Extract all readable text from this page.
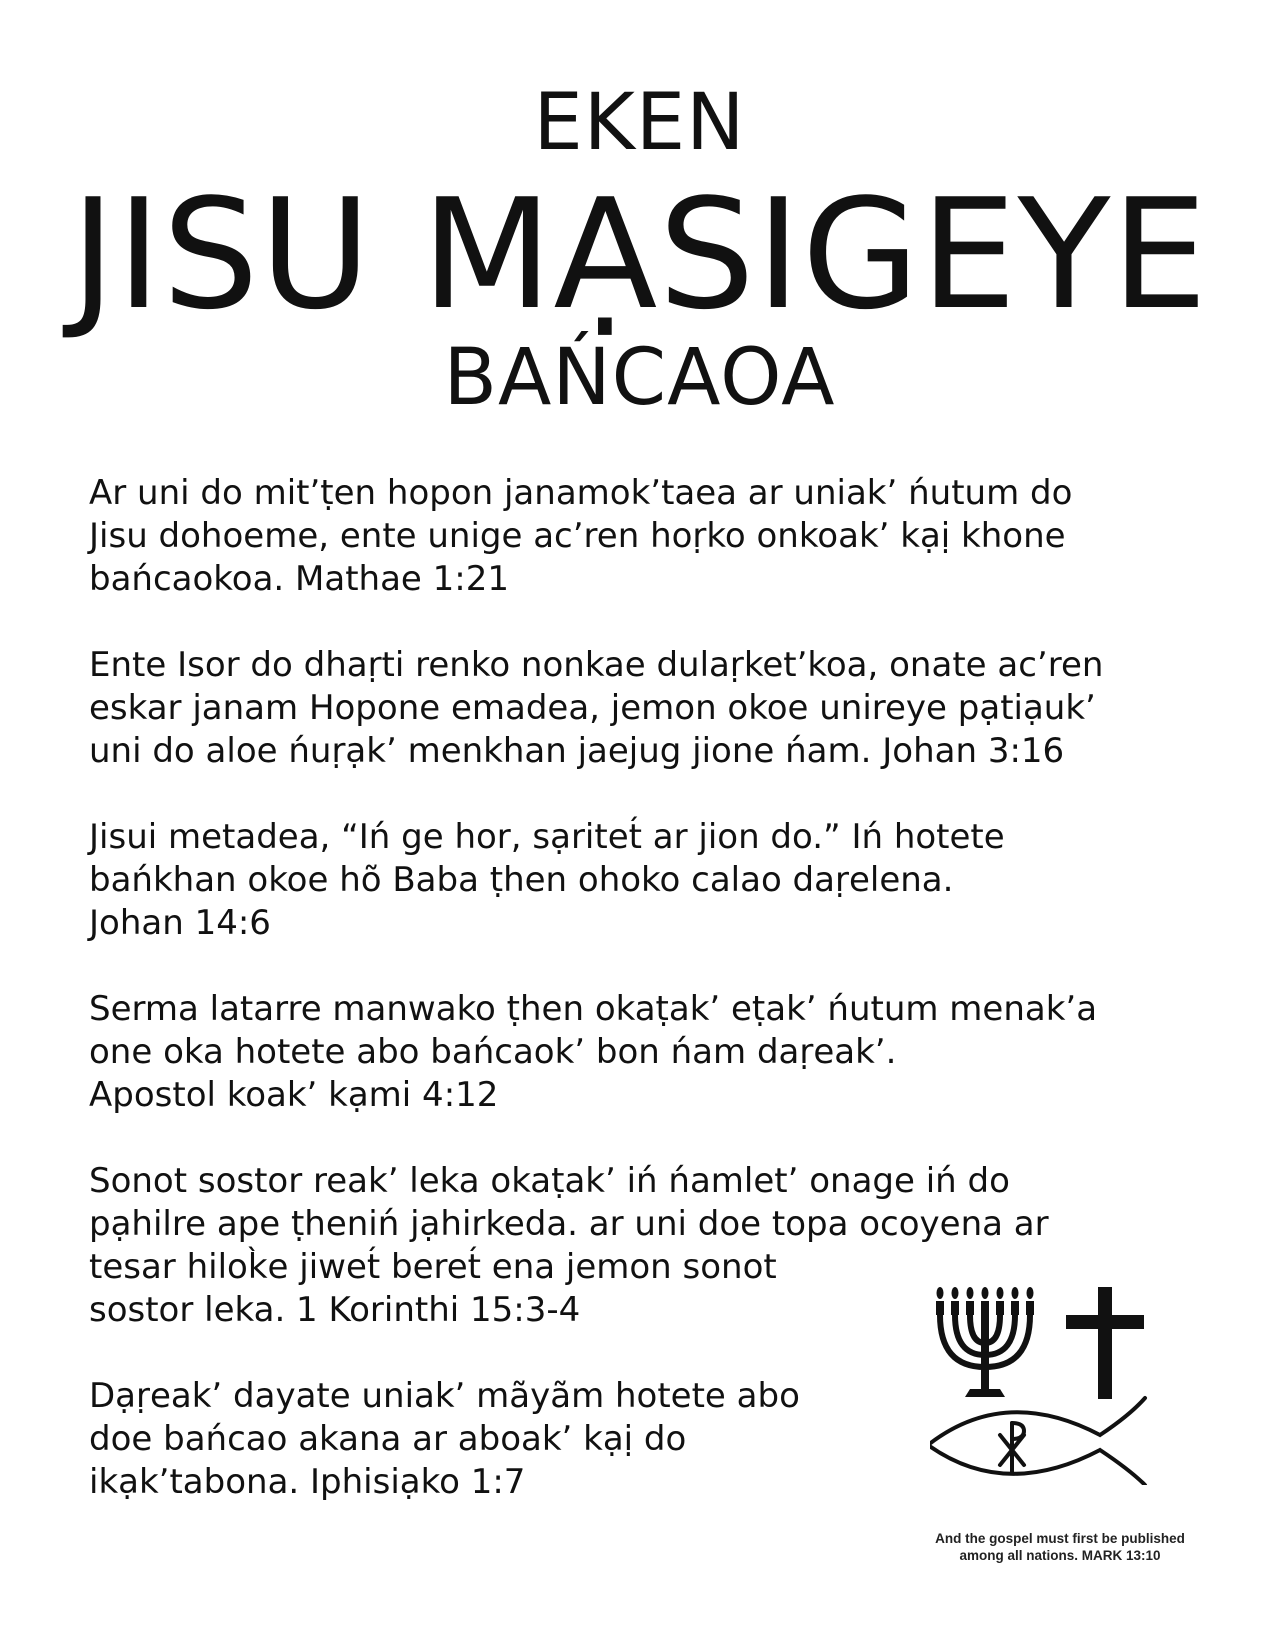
EKEN
JISU MẠSIGEYE
BAŃCAOA

Ar uni do mit’ṭen hopon janamok’taea ar uniak’ ńutum do
Jisu dohoeme, ente unige ac’ren hoṛko onkoak’ kạị khone
bańcaokoa. Mathae 1:21

Ente Isor do dhaṛti renko nonkae dulaṛket’koa, onate ac’ren
eskar janam Hopone emadea, jemon okoe unireye pạtiạuk’
uni do aloe ńuṛạk’ menkhan jaejug jione ńam. Johan 3:16

Jisui metadea, “Iń ge hor, sạritet́ ar jion do.” Iń hotete
bańkhan okoe hõ Baba ṭhen ohoko calao daṛelena.
Johan 14:6

Serma latarre manwako ṭhen okaṭak’ eṭak’ ńutum menak’a
one oka hotete abo bańcaok’ bon ńam daṛeak’.
Apostol koak’ kạmi 4:12

Sonot sostor reak’ leka okaṭak’ iń ńamlet’ onage iń do
pạhilre ape ṭheniń jạhirkeda. ar uni doe topa ocoyena ar
tesar hilok̀e jiwet́ beret́ ena jemon sonot
sostor leka. 1 Korinthi 15:3-4

Dạṛeak’ dayate uniak’ mãyãm hotete abo
doe bańcao akana ar aboak’ kạị do
ikạk’tabona. Iphisiạko 1:7

And the gospel must first be published
among all nations. MARK 13:10
